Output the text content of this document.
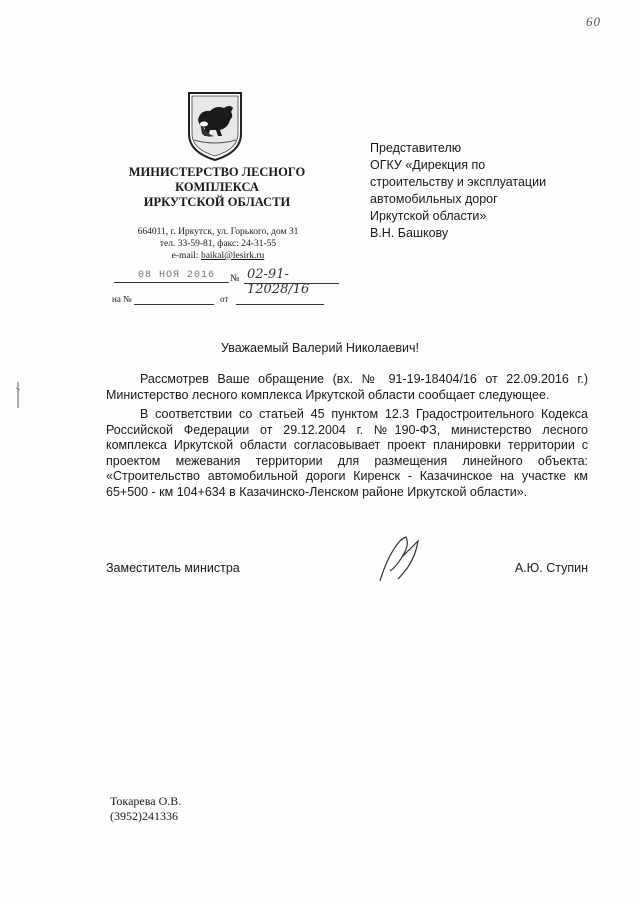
60
МИНИСТЕРСТВО ЛЕСНОГО
КОМПЛЕКСА
ИРКУТСКОЙ ОБЛАСТИ
664011, г. Иркутск, ул. Горького, дом 31
тел. 33-59-81, факс: 24-31-55
e-mail: baikal@lesirk.ru
08 НОЯ 2016	№ 02-91-12028/16
на №	от
Представителю
ОГКУ «Дирекция по
строительству и эксплуатации
автомобильных дорог
Иркутской области»
В.Н. Башкову
Уважаемый Валерий Николаевич!

Рассмотрев Ваше обращение (вх. № 91-19-18404/16 от 22.09.2016 г.) Министерство лесного комплекса Иркутской области сообщает следующее.

В соответствии со статьей 45 пунктом 12.3 Градостроительного Кодекса Российской Федерации от 29.12.2004 г. №190-ФЗ, министерство лесного комплекса Иркутской области согласовывает проект планировки территории с проектом межевания территории для размещения линейного объекта: «Строительство автомобильной дороги Киренск - Казачинское на участке км 65+500 - км 104+634 в Казачинско-Ленском районе Иркутской области».

Заместитель министра	А.Ю. Ступин
Токарева О.В.
(3952)241336
